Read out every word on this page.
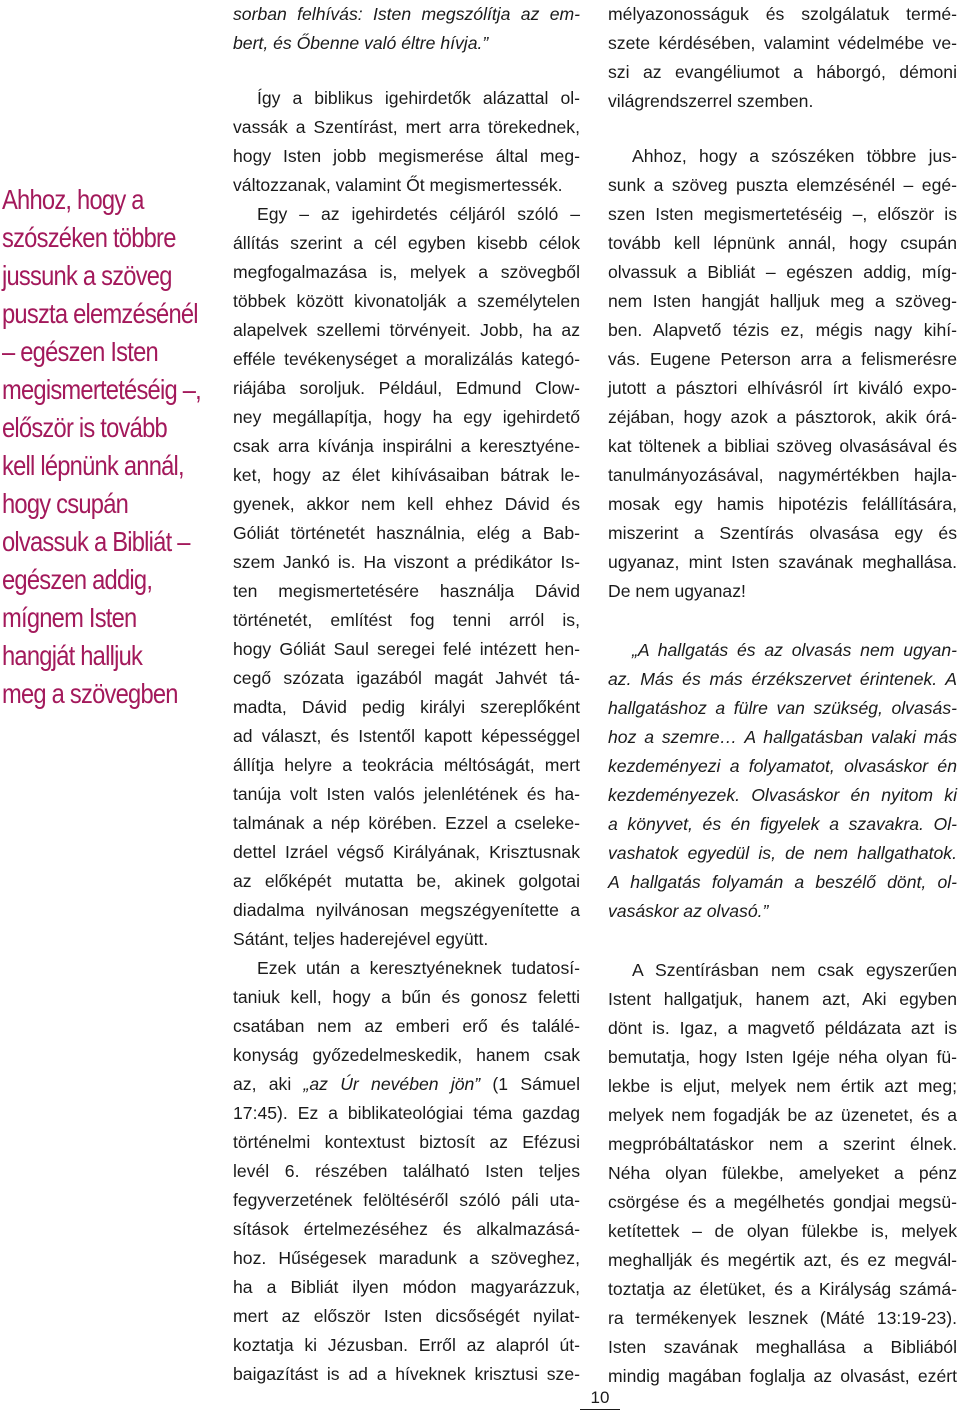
Ahhoz, hogy a
szószéken többre
jussunk a szöveg
puszta elemzésénél
– egészen Isten
megismertetéséig –,
először is tovább
kell lépnünk annál,
hogy csupán
olvassuk a Bibliát –
egészen addig,
mígnem Isten
hangját halljuk
meg a szövegben

sorban felhívás: Isten megszólítja az em-
bert, és Őbenne való éltre hívja.”

Így a biblikus igehirdetők alázattal ol-
vassák a Szentírást, mert arra törekednek,
hogy Isten jobb megismerése által meg-
változzanak, valamint Őt megismertessék.

Egy – az igehirdetés céljáról szóló –
állítás szerint a cél egyben kisebb célok
megfogalmazása is, melyek a szövegből
többek között kivonatolják a személytelen
alapelvek szellemi törvényeit. Jobb, ha az
efféle tevékenységet a moralizálás kategó-
riájába soroljuk. Például, Edmund Clow-
ney megállapítja, hogy ha egy igehirdető
csak arra kívánja inspirálni a keresztyéne-
ket, hogy az élet kihívásaiban bátrak le-
gyenek, akkor nem kell ehhez Dávid és
Góliát történetét használnia, elég a Bab-
szem Jankó is. Ha viszont a prédikátor Is-
ten megismertetésére használja Dávid
történetét, említést fog tenni arról is,
hogy Góliát Saul seregei felé intézett hen-
cegő szózata igazából magát Jahvét tá-
madta, Dávid pedig királyi szereplőként
ad választ, és Istentől kapott képességgel
állítja helyre a teokrácia méltóságát, mert
tanúja volt Isten valós jelenlétének és ha-
talmának a nép körében. Ezzel a cseleke-
dettel Izráel végső Királyának, Krisztusnak
az előképét mutatta be, akinek golgotai
diadalma nyilvánosan megszégyenítette a
Sátánt, teljes haderejével együtt.

Ezek után a keresztyéneknek tudatosí-
taniuk kell, hogy a bűn és gonosz feletti
csatában nem az emberi erő és találé-
konyság győzedelmeskedik, hanem csak
az, aki „az Úr nevében jön” (1 Sámuel

17:45). Ez a biblikateológiai téma gazdag
történelmi kontextust biztosít az Efézusi
levél 6. részében található Isten teljes
fegyverzetének felöltéséről szóló páli uta-
sítások értelmezéséhez és alkalmazásá-
hoz. Hűségesek maradunk a szöveghez,
ha a Bibliát ilyen módon magyarázzuk,
mert az először Isten dicsőségét nyilat-
koztatja ki Jézusban. Erről az alapról út-
baigazítást is ad a híveknek krisztusi sze-

mélyazonosságuk és szolgálatuk termé-
szete kérdésében, valamint védelmébe ve-
szi az evangéliumot a háborgó, démoni
világrendszerrel szemben.

Ahhoz, hogy a szószéken többre jus-
sunk a szöveg puszta elemzésénél – egé-
szen Isten megismertetéséig –, először is
tovább kell lépnünk annál, hogy csupán
olvassuk a Bibliát – egészen addig, míg-
nem Isten hangját halljuk meg a szöveg-
ben. Alapvető tézis ez, mégis nagy kihí-
vás. Eugene Peterson arra a felismerésre
jutott a pásztori elhívásról írt kiváló expo-
zéjában, hogy azok a pásztorok, akik órá-
kat töltenek a bibliai szöveg olvasásával és
tanulmányozásával, nagymértékben hajla-
mosak egy hamis hipotézis felállítására,
miszerint a Szentírás olvasása egy és
ugyanaz, mint Isten szavának meghallása.
De nem ugyanaz!

„A hallgatás és az olvasás nem ugyan-
az. Más és más érzékszervet érintenek. A
hallgatáshoz a fülre van szükség, olvasás-
hoz a szemre… A hallgatásban valaki más
kezdeményezi a folyamatot, olvasáskor én
kezdeményezek. Olvasáskor én nyitom ki
a könyvet, és én figyelek a szavakra. Ol-
vashatok egyedül is, de nem hallgathatok.
A hallgatás folyamán a beszélő dönt, ol-
vasáskor az olvasó.”

A Szentírásban nem csak egyszerűen
Istent hallgatjuk, hanem azt, Aki egyben
dönt is. Igaz, a magvető példázata azt is
bemutatja, hogy Isten Igéje néha olyan fü-
lekbe is eljut, melyek nem értik azt meg;
melyek nem fogadják be az üzenetet, és a
megpróbáltatáskor nem a szerint élnek.
Néha olyan fülekbe, amelyeket a pénz
csörgése és a megélhetés gondjai megsü-
ketítettek – de olyan fülekbe is, melyek
meghallják és megértik azt, és ez megvál-
toztatja az életüket, és a Királyság számá-
ra termékenyek lesznek (Máté 13:19-23).
Isten szavának meghallása a Bibliából
mindig magában foglalja az olvasást, ezért

10
